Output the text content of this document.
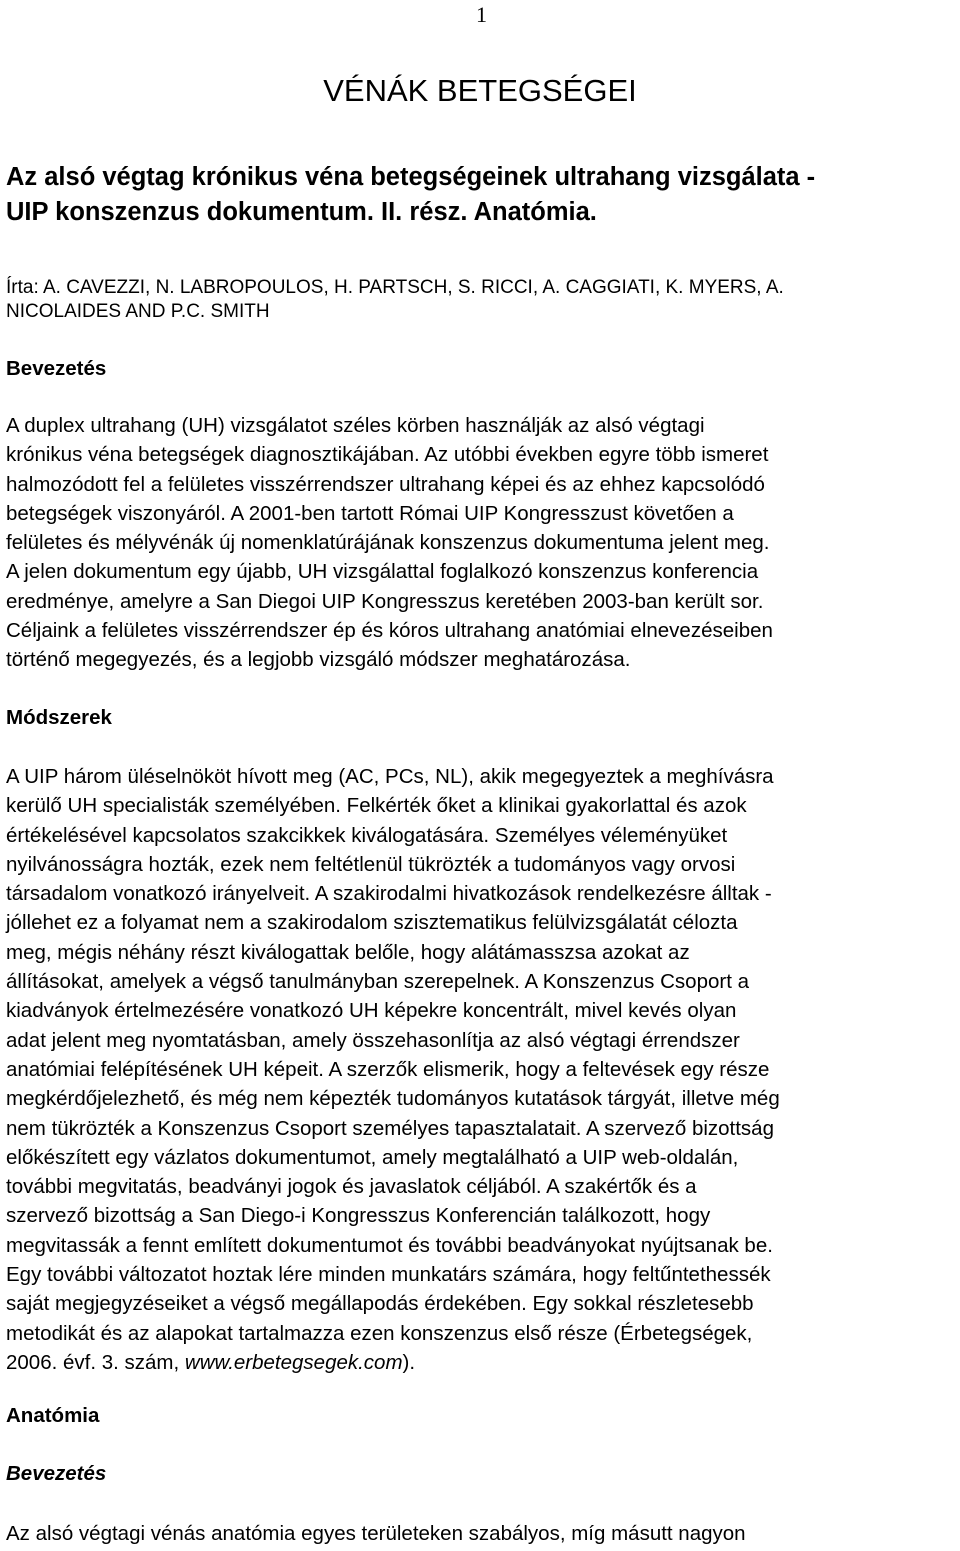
1
VÉNÁK BETEGSÉGEI
Az alsó végtag krónikus véna betegségeinek ultrahang vizsgálata -
UIP konszenzus dokumentum. II. rész. Anatómia.

Írta: A. CAVEZZI, N. LABROPOULOS, H. PARTSCH, S. RICCI, A. CAGGIATI, K. MYERS, A.
NICOLAIDES AND P.C. SMITH

Bevezetés

A duplex ultrahang (UH) vizsgálatot széles körben használják az alsó végtagi
krónikus véna betegségek diagnosztikájában. Az utóbbi években egyre több ismeret
halmozódott fel a felületes visszérrendszer ultrahang képei és az ehhez kapcsolódó
betegségek viszonyáról. A 2001-ben tartott Római UIP Kongresszust követően a
felületes és mélyvénák új nomenklatúrájának konszenzus dokumentuma jelent meg.
A jelen dokumentum egy újabb, UH vizsgálattal foglalkozó konszenzus konferencia
eredménye, amelyre a San Diegoi UIP Kongresszus keretében 2003-ban került sor.
Céljaink a felületes visszérrendszer ép és kóros ultrahang anatómiai elnevezéseiben
történő megegyezés, és a legjobb vizsgáló módszer meghatározása.

Módszerek

A UIP három üléselnököt hívott meg (AC, PCs, NL), akik megegyeztek a meghívásra
kerülő UH specialisták személyében. Felkérték őket a klinikai gyakorlattal és azok
értékelésével kapcsolatos szakcikkek kiválogatására. Személyes véleményüket
nyilvánosságra hozták, ezek nem feltétlenül tükrözték a tudományos vagy orvosi
társadalom vonatkozó irányelveit. A szakirodalmi hivatkozások rendelkezésre álltak -
jóllehet ez a folyamat nem a szakirodalom szisztematikus felülvizsgálatát célozta
meg, mégis néhány részt kiválogattak belőle, hogy alátámasszsa azokat az
állításokat, amelyek a végső tanulmányban szerepelnek. A Konszenzus Csoport a
kiadványok értelmezésére vonatkozó UH képekre koncentrált, mivel kevés olyan
adat jelent meg nyomtatásban, amely összehasonlítja az alsó végtagi érrendszer
anatómiai felépítésének UH képeit. A szerzők elismerik, hogy a feltevések egy része
megkérdőjelezhető, és még nem képezték tudományos kutatások tárgyát, illetve még
nem tükrözték a Konszenzus Csoport személyes tapasztalatait. A szervező bizottság
előkészített egy vázlatos dokumentumot, amely megtalálható a UIP web-oldalán,
további megvitatás, beadványi jogok és javaslatok céljából. A szakértők és a
szervező bizottság a San Diego-i Kongresszus Konferencián találkozott, hogy
megvitassák a fennt említett dokumentumot és további beadványokat nyújtsanak be.
Egy további változatot hoztak lére minden munkatárs számára, hogy feltűntethessék
saját megjegyzéseiket a végső megállapodás érdekében. Egy sokkal részletesebb
metodikát és az alapokat tartalmazza ezen konszenzus első része (Érbetegségek,
2006. évf. 3. szám, www.erbetegsegek.com).

Anatómia
Bevezetés

Az alsó végtagi vénás anatómia egyes területeken szabályos, míg másutt nagyon
